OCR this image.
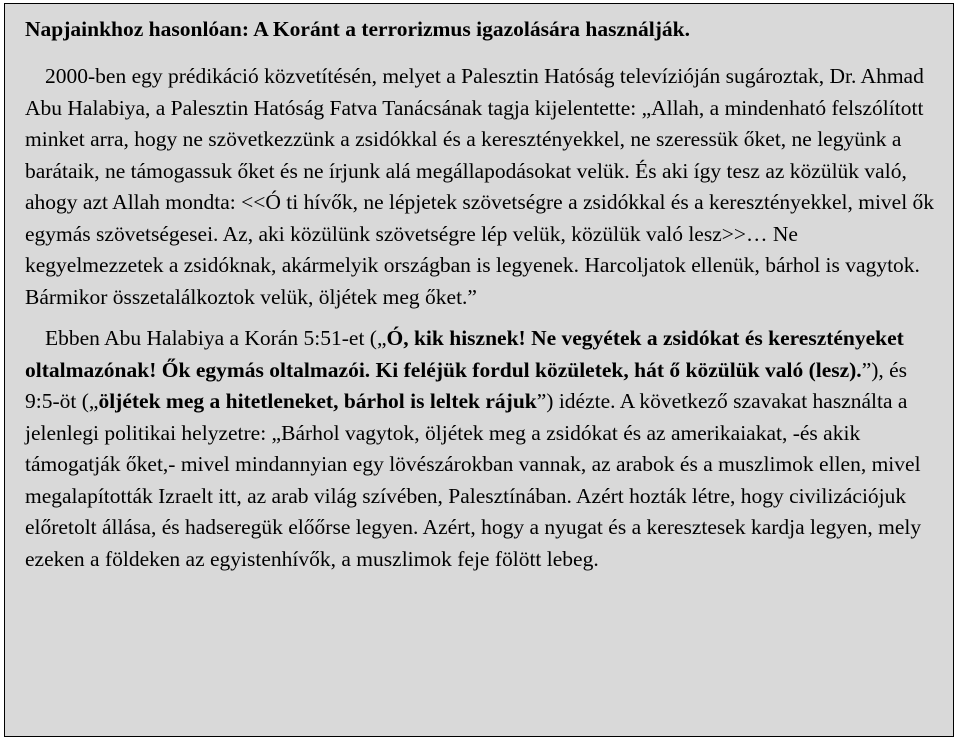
Napjainkhoz hasonlóan: A Koránt a terrorizmus igazolására használják.

2000-ben egy prédikáció közvetítésén, melyet a Palesztin Hatóság televízióján sugároztak, Dr. Ahmad Abu Halabiya, a Palesztin Hatóság Fatva Tanácsának tagja kijelentette: „Allah, a mindenható felszólított minket arra, hogy ne szövetkezzünk a zsidókkal és a keresztényekkel, ne szeressük őket, ne legyünk a barátaik, ne támogassuk őket és ne írjunk alá megállapodásokat velük. És aki így tesz az közülük való, ahogy azt Allah mondta: <<Ó ti hívők, ne lépjetek szövetségre a zsidókkal és a keresztényekkel, mivel ők egymás szövetségesei. Az, aki közülünk szövetségre lép velük, közülük való lesz>>… Ne kegyelmezzetek a zsidóknak, akármelyik országban is legyenek. Harcoljatok ellenük, bárhol is vagytok. Bármikor összetalálkoztok velük, öljétek meg őket.”

Ebben Abu Halabiya a Korán 5:51-et („Ó, kik hisznek! Ne vegyétek a zsidókat és keresztényeket oltalmazónak! Ők egymás oltalmazói. Ki feléjük fordul közületek, hát ő közülük való (lesz).”), és 9:5-öt („öljétek meg a hitetleneket, bárhol is leltek rájuk”) idézte. A következő szavakat használta a jelenlegi politikai helyzetre: „Bárhol vagytok, öljétek meg a zsidókat és az amerikaiakat, -és akik támogatják őket,- mivel mindannyian egy lövészárokban vannak, az arabok és a muszlimok ellen, mivel megalapították Izraelt itt, az arab világ szívében, Palesztínában. Azért hozták létre, hogy civilizációjuk előretolt állása, és hadseregük előőrse legyen. Azért, hogy a nyugat és a keresztesek kardja legyen, mely ezeken a földeken az egyistenhívők, a muszlimok feje fölött lebeg.
